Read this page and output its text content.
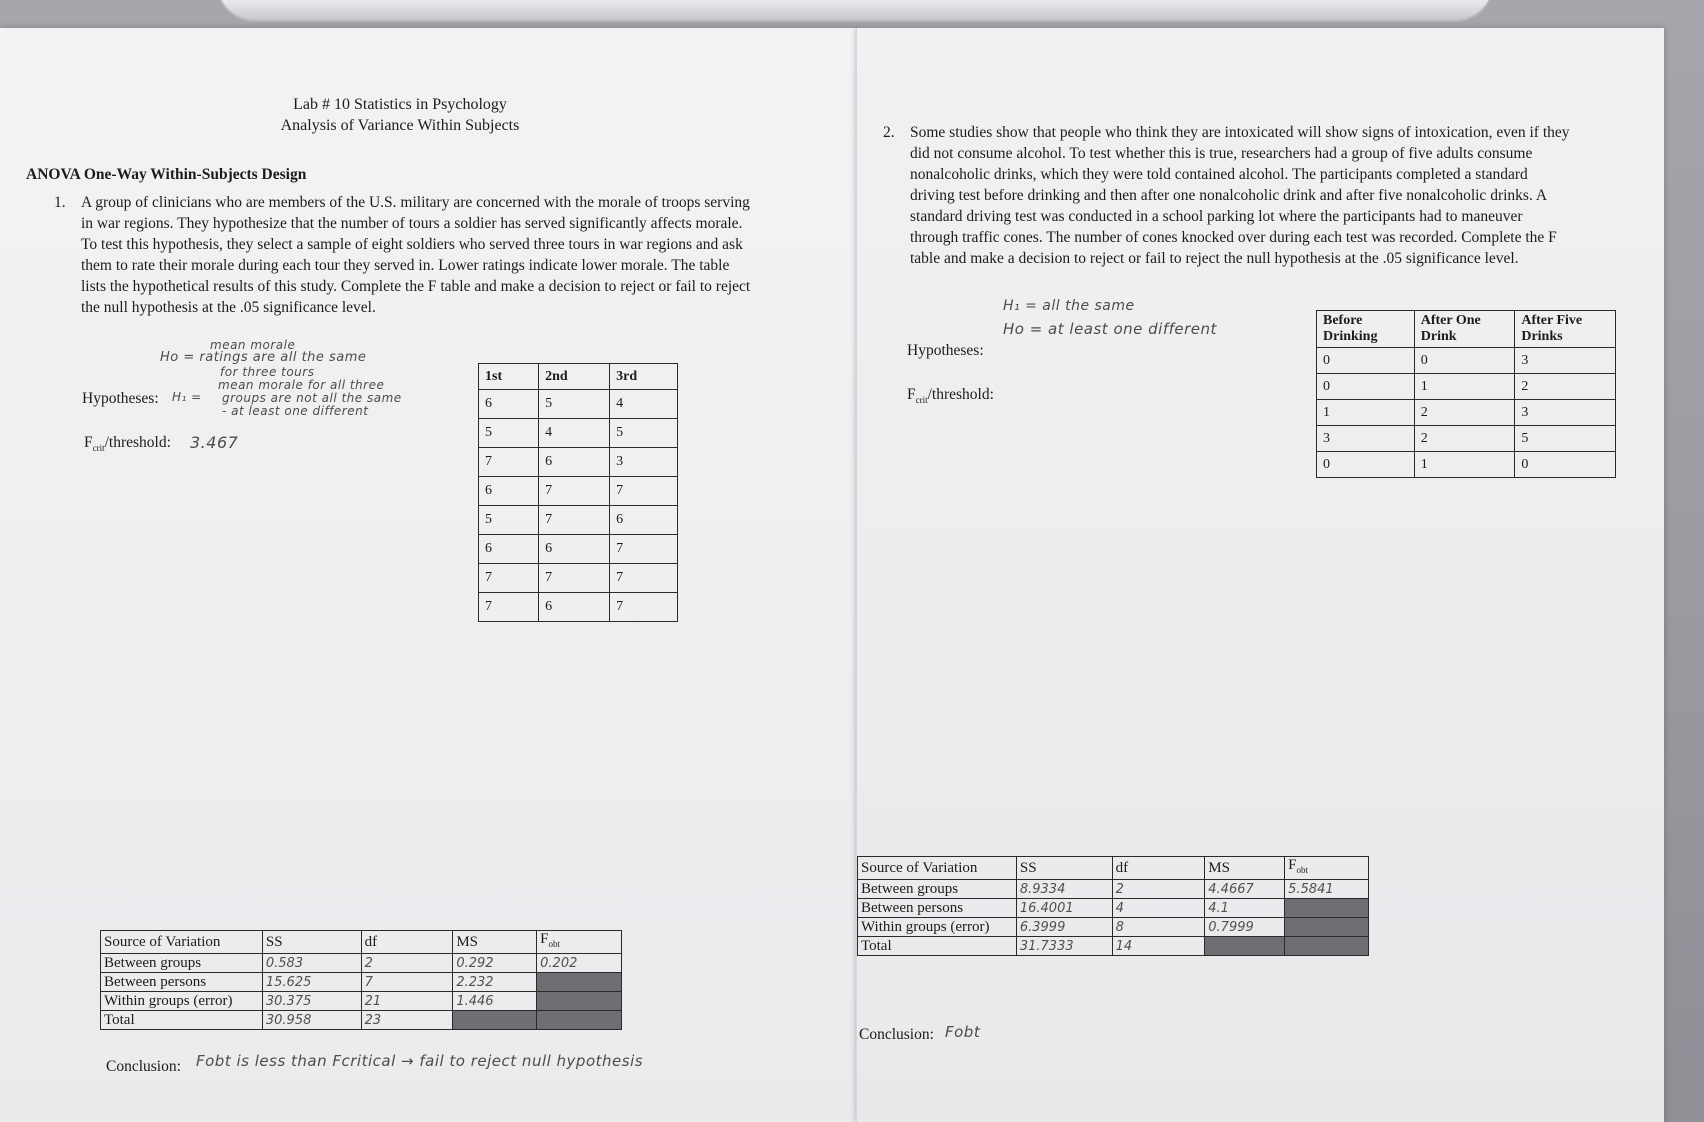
Lab # 10 Statistics in Psychology
Analysis of Variance Within Subjects
ANOVA One-Way Within-Subjects Design
1. A group of clinicians who are members of the U.S. military are concerned with the morale of troops serving in war regions. They hypothesize that the number of tours a soldier has served significantly affects morale. To test this hypothesis, they select a sample of eight soldiers who served three tours in war regions and ask them to rate their morale during each tour they served in. Lower ratings indicate lower morale. The table lists the hypothetical results of this study. Complete the F table and make a decision to reject or fail to reject the null hypothesis at the .05 significance level.
mean morale
Ho = ratings are all the same
for three tours
Hypotheses: H₁ =
mean morale for all three
groups are not all the same
- at least one different
$F_{crit}$/threshold: 3.467
1st	2nd	3rd
6	5	4
5	4	5
7	6	3
6	7	7
5	7	6
6	6	7
7	7	7
7	6	7
Source of Variation	SS	df	MS	$F_{obt}$
Between groups	0.583	2	0.292	0.202
Between persons	15.625	7	2.232	
Within groups (error)	30.375	21	1.446	
Total	30.958	23		
Conclusion: Fobt is less than Fcritical → fail to reject null hypothesis
2. Some studies show that people who think they are intoxicated will show signs of intoxication, even if they did not consume alcohol. To test whether this is true, researchers had a group of five adults consume nonalcoholic drinks, which they were told contained alcohol. The participants completed a standard driving test before drinking and then after one nonalcoholic drink and after five nonalcoholic drinks. A standard driving test was conducted in a school parking lot where the participants had to maneuver through traffic cones. The number of cones knocked over during each test was recorded. Complete the F table and make a decision to reject or fail to reject the null hypothesis at the .05 significance level.
H₁ = all the same
Hypotheses:
Ho = at least one different
$F_{crit}$/threshold:
Before Drinking	After One Drink	After Five Drinks
0	0	3
0	1	2
1	2	3
3	2	5
0	1	0
Source of Variation	SS	df	MS	$F_{obt}$
Between groups	8.9334	2	4.4667	5.5841
Between persons	16.4001	4	4.1	
Within groups (error)	6.3999	8	0.7999	
Total	31.7333	14		
Conclusion: Fobt
